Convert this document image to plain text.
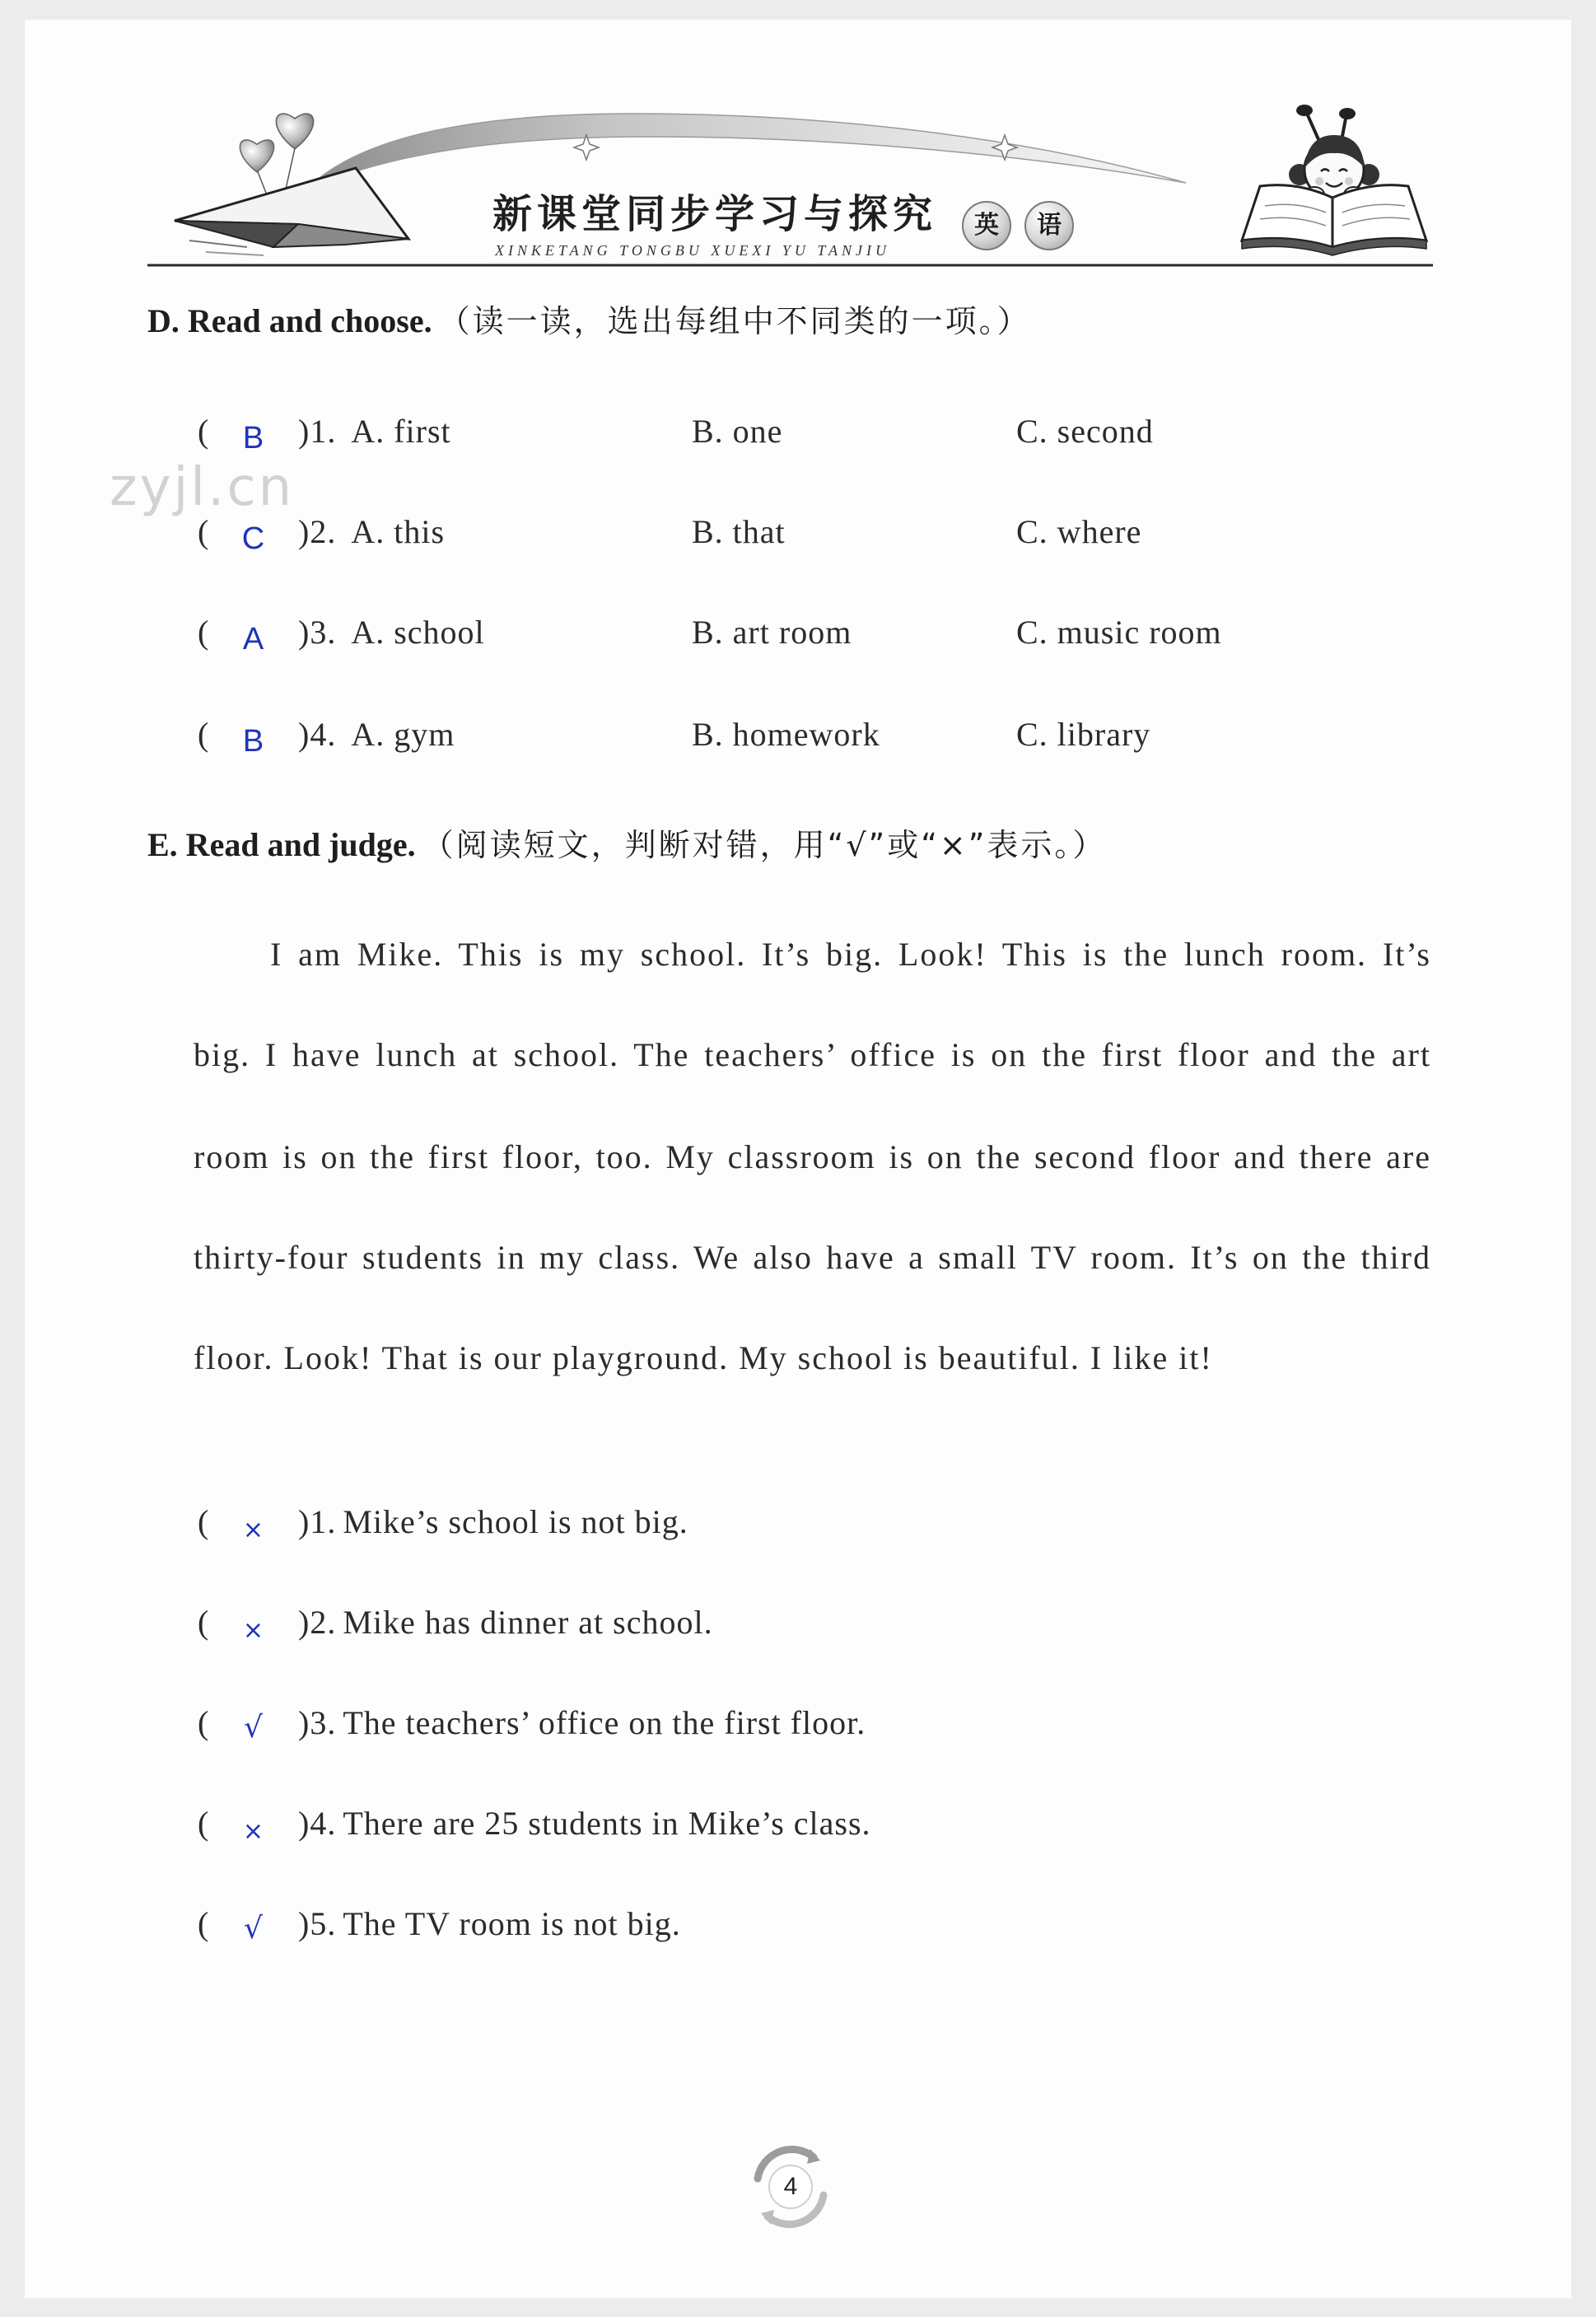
新课堂同步学习与探究
XINKETANG TONGBU XUEXI YU TANJIU
英	语
zyjl.cn
D. Read and choose. （读一读，选出每组中不同类的一项。）
( B )1. A. first	B. one	C. second
( C )2. A. this	B. that	C. where
( A )3. A. school	B. art room	C. music room
( B )4. A. gym	B. homework	C. library
E. Read and judge. （阅读短文，判断对错，用“√”或“×”表示。）
I am Mike. This is my school. It’s big. Look! This is the lunch room. It’s
big. I have lunch at school. The teachers’ office is on the first floor and the art
room is on the first floor, too. My classroom is on the second floor and there are
thirty-four students in my class. We also have a small TV room. It’s on the third
floor. Look! That is our playground. My school is beautiful. I like it!
( × )1. Mike’s school is not big.
( × )2. Mike has dinner at school.
( √ )3. The teachers’ office on the first floor.
( × )4. There are 25 students in Mike’s class.
( √ )5. The TV room is not big.
4
